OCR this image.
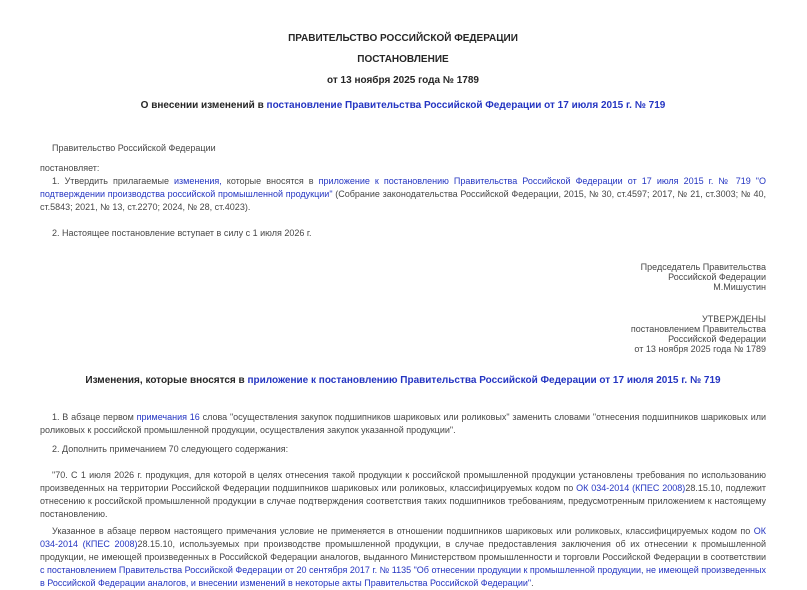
ПРАВИТЕЛЬСТВО РОССИЙСКОЙ ФЕДЕРАЦИИ
ПОСТАНОВЛЕНИЕ
от 13 ноября 2025 года № 1789
О внесении изменений в постановление Правительства Российской Федерации от 17 июля 2015 г. № 719

Правительство Российской Федерации

постановляет:

1. Утвердить прилагаемые изменения, которые вносятся в приложение к постановлению Правительства Российской Федерации от 17 июля 2015 г. № 719 "О подтверждении производства российской промышленной продукции" (Собрание законодательства Российской Федерации, 2015, № 30, ст.4597; 2017, № 21, ст.3003; № 40, ст.5843; 2021, № 13, ст.2270; 2024, № 28, ст.4023).

2. Настоящее постановление вступает в силу с 1 июля 2026 г.

Председатель Правительства
Российской Федерации
М.Мишустин
УТВЕРЖДЕНЫ
постановлением Правительства
Российской Федерации
от 13 ноября 2025 года № 1789
Изменения, которые вносятся в приложение к постановлению Правительства Российской Федерации от 17 июля 2015 г. № 719

1. В абзаце первом примечания 16 слова "осуществления закупок подшипников шариковых или роликовых" заменить словами "отнесения подшипников шариковых или роликовых к российской промышленной продукции, осуществления закупок указанной продукции".

2. Дополнить примечанием 70 следующего содержания:

"70. С 1 июля 2026 г. продукция, для которой в целях отнесения такой продукции к российской промышленной продукции установлены требования по использованию произведенных на территории Российской Федерации подшипников шариковых или роликовых, классифицируемых кодом по ОК 034-2014 (КПЕС 2008)28.15.10, подлежит отнесению к российской промышленной продукции в случае подтверждения соответствия таких подшипников требованиям, предусмотренным приложением к настоящему постановлению.

Указанное в абзаце первом настоящего примечания условие не применяется в отношении подшипников шариковых или роликовых, классифицируемых кодом по ОК 034-2014 (КПЕС 2008)28.15.10, используемых при производстве промышленной продукции, в случае предоставления заключения об их отнесении к промышленной продукции, не имеющей произведенных в Российской Федерации аналогов, выданного Министерством промышленности и торговли Российской Федерации в соответствии с постановлением Правительства Российской Федерации от 20 сентября 2017 г. № 1135 "Об отнесении продукции к промышленной продукции, не имеющей произведенных в Российской Федерации аналогов, и внесении изменений в некоторые акты Правительства Российской Федерации".
